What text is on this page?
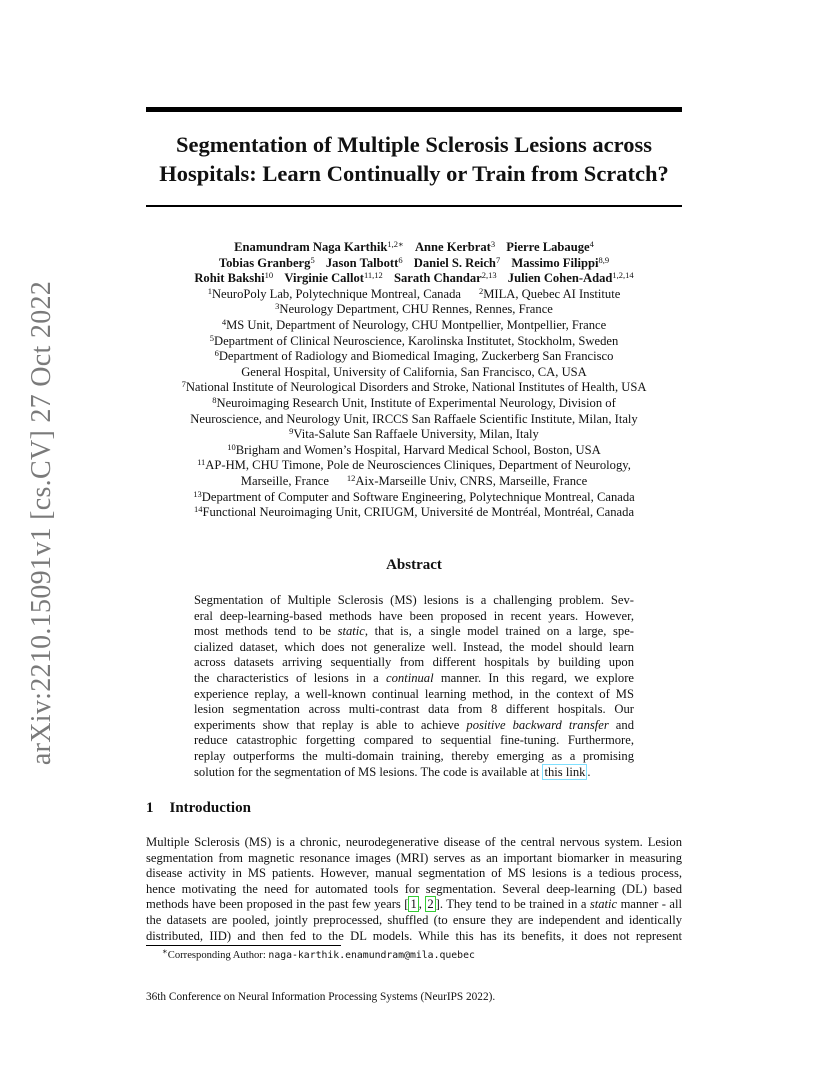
arXiv:2210.15091v1 [cs.CV] 27 Oct 2022
Segmentation of Multiple Sclerosis Lesions across
Hospitals: Learn Continually or Train from Scratch?
Enamundram Naga Karthik$^{1,2∗}$ Anne Kerbrat$^3$ Pierre Labauge$^4$
Tobias Granberg$^5$ Jason Talbott$^6$ Daniel S. Reich$^7$ Massimo Filippi$^{8,9}$
Rohit Bakshi$^{10}$ Virginie Callot$^{11,12}$ Sarath Chandar$^{2,13}$ Julien Cohen-Adad$^{1,2,14}$
$^1$NeuroPoly Lab, Polytechnique Montreal, Canada $^2$MILA, Quebec AI Institute
$^3$Neurology Department, CHU Rennes, Rennes, France
$^4$MS Unit, Department of Neurology, CHU Montpellier, Montpellier, France
$^5$Department of Clinical Neuroscience, Karolinska Institutet, Stockholm, Sweden
$^6$Department of Radiology and Biomedical Imaging, Zuckerberg San Francisco
General Hospital, University of California, San Francisco, CA, USA
$^7$National Institute of Neurological Disorders and Stroke, National Institutes of Health, USA
$^8$Neuroimaging Research Unit, Institute of Experimental Neurology, Division of
Neuroscience, and Neurology Unit, IRCCS San Raffaele Scientific Institute, Milan, Italy
$^9$Vita-Salute San Raffaele University, Milan, Italy
$^{10}$Brigham and Women’s Hospital, Harvard Medical School, Boston, USA
$^{11}$AP-HM, CHU Timone, Pole de Neurosciences Cliniques, Department of Neurology,
Marseille, France $^{12}$Aix-Marseille Univ, CNRS, Marseille, France
$^{13}$Department of Computer and Software Engineering, Polytechnique Montreal, Canada
$^{14}$Functional Neuroimaging Unit, CRIUGM, Université de Montréal, Montréal, Canada
Abstract
Segmentation of Multiple Sclerosis (MS) lesions is a challenging problem. Sev-
eral deep-learning-based methods have been proposed in recent years. However,
most methods tend to be static, that is, a single model trained on a large, spe-
cialized dataset, which does not generalize well. Instead, the model should learn
across datasets arriving sequentially from different hospitals by building upon
the characteristics of lesions in a continual manner. In this regard, we explore
experience replay, a well-known continual learning method, in the context of MS
lesion segmentation across multi-contrast data from 8 different hospitals. Our
experiments show that replay is able to achieve positive backward transfer and
reduce catastrophic forgetting compared to sequential fine-tuning. Furthermore,
replay outperforms the multi-domain training, thereby emerging as a promising
solution for the segmentation of MS lesions. The code is available at this link .
1 Introduction
Multiple Sclerosis (MS) is a chronic, neurodegenerative disease of the central nervous system. Lesion
segmentation from magnetic resonance images (MRI) serves as an important biomarker in measuring
disease activity in MS patients. However, manual segmentation of MS lesions is a tedious process,
hence motivating the need for automated tools for segmentation. Several deep-learning (DL) based
methods have been proposed in the past few years [ 1 , 2 ]. They tend to be trained in a static manner - all
the datasets are pooled, jointly preprocessed, shuffled (to ensure they are independent and identically
distributed, IID) and then fed to the DL models. While this has its benefits, it does not represent
∗Corresponding Author: naga-karthik.enamundram@mila.quebec
36th Conference on Neural Information Processing Systems (NeurIPS 2022).
